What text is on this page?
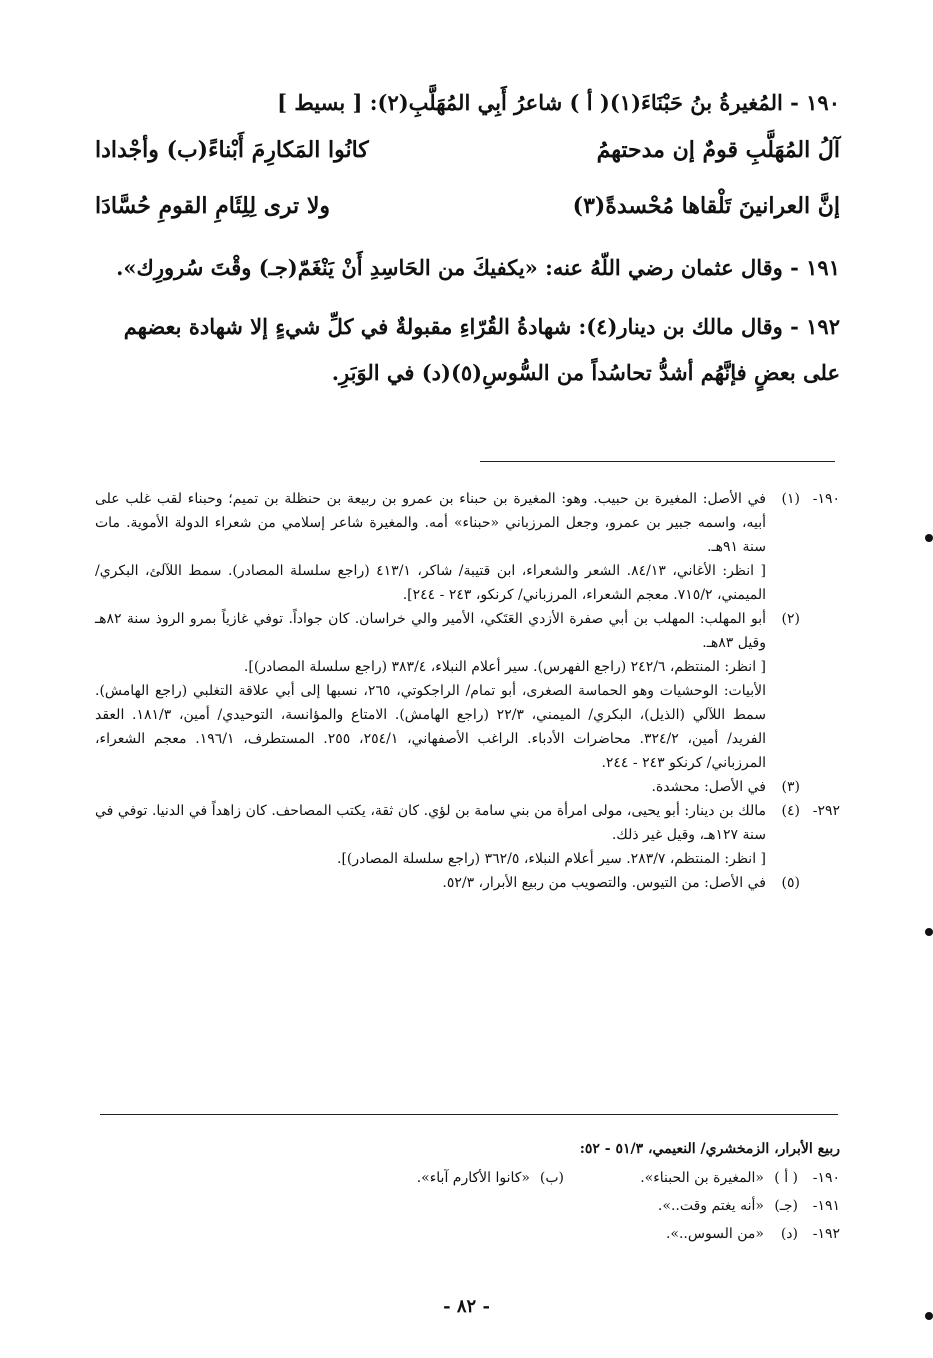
١٩٠ - المُغيرةُ بنُ حَبْنَاءَ(١)( أ ) شاعرُ أَبِي المُهَلَّبِ(٢): [ بسيط ]
آلُ المُهَلَّبِ قومٌ إن مدحتهمُ
كانُوا المَكارِمَ أَبْناءً(ب) وأجْدادا
إنَّ العرانينَ تَلْقاها مُحْسدةً(٣)
ولا ترى لِلِئَامِ القومِ حُسَّادَا
١٩١ - وقال عثمان رضي اللّهُ عنه: «يكفيكَ من الحَاسِدِ أَنْ يَنْغَمّ(جـ) وقْتَ سُرورِك».
١٩٢ - وقال مالك بن دينار(٤): شهادةُ القُرّاءِ مقبولةٌ في كلِّ شيءٍ إلا شهادة بعضهم
على بعضٍ فإنَّهُم أشدُّ تحاسُداً من السُّوسِ(٥)(د) في الوَبَرِ.
١٩٠-
(١)

في الأصل: المغيرة بن حبيب. وهو: المغيرة بن حبناء بن عمرو بن ربيعة بن حنظلة بن تميم؛ وحبناء لقب غلب على أبيه، واسمه جبير بن عمرو، وجعل المرزباني «حبناء» أمه. والمغيرة شاعر إسلامي من شعراء الدولة الأموية. مات سنة ٩١هـ.

[ انظر: الأغاني، ٨٤/١٣. الشعر والشعراء، ابن قتيبة/ شاكر، ٤١٣/١ (راجع سلسلة المصادر). سمط اللآلئ، البكري/ الميمني، ٧١٥/٢. معجم الشعراء، المرزباني/ كرنكو، ٢٤٣ - ٢٤٤].

(٢)

أبو المهلب: المهلب بن أبي صفرة الأزدي العَتَكي، الأمير والي خراسان. كان جواداً. توفي غازياً بمرو الروذ سنة ٨٢هـ وقيل ٨٣هـ.

[ انظر: المنتظم، ٢٤٢/٦ (راجع الفهرس). سير أعلام النبلاء، ٣٨٣/٤ (راجع سلسلة المصادر)].

الأبيات: الوحشيات وهو الحماسة الصغرى، أبو تمام/ الراجكوتي، ٢٦٥، نسبها إلى أبي علاقة التغلبي (راجع الهامش). سمط اللآلي (الذيل)، البكري/ الميمني، ٢٢/٣ (راجع الهامش). الامتاع والمؤانسة، التوحيدي/ أمين، ١٨١/٣. العقد الفريد/ أمين، ٣٢٤/٢. محاضرات الأدباء. الراغب الأصفهاني، ٢٥٤/١، ٢٥٥. المستطرف، ١٩٦/١. معجم الشعراء، المرزباني/ كرنكو ٢٤٣ - ٢٤٤.

(٣)

في الأصل: محشدة.

٢٩٢-
(٤)

مالك بن دينار: أبو يحيى، مولى امرأة من بني سامة بن لؤي. كان ثقة، يكتب المصاحف. كان زاهداً في الدنيا. توفي في سنة ١٢٧هـ، وقيل غير ذلك.

[ انظر: المنتظم، ٢٨٣/٧. سير أعلام النبلاء، ٣٦٢/٥ (راجع سلسلة المصادر)].

(٥)

في الأصل: من التيوس. والتصويب من ربيع الأبرار، ٥٢/٣.

ربيع الأبرار، الزمخشري/ النعيمي، ٥١/٣ - ٥٢:
١٩٠-
( أ )
«المغيرة بن الحبناء».
(ب)
«كانوا الأكارم آباء».
١٩١-
(جـ)
«أنه يغتم وقت..».
١٩٢-
(د)
«من السوس..».
- ٨٢ -
